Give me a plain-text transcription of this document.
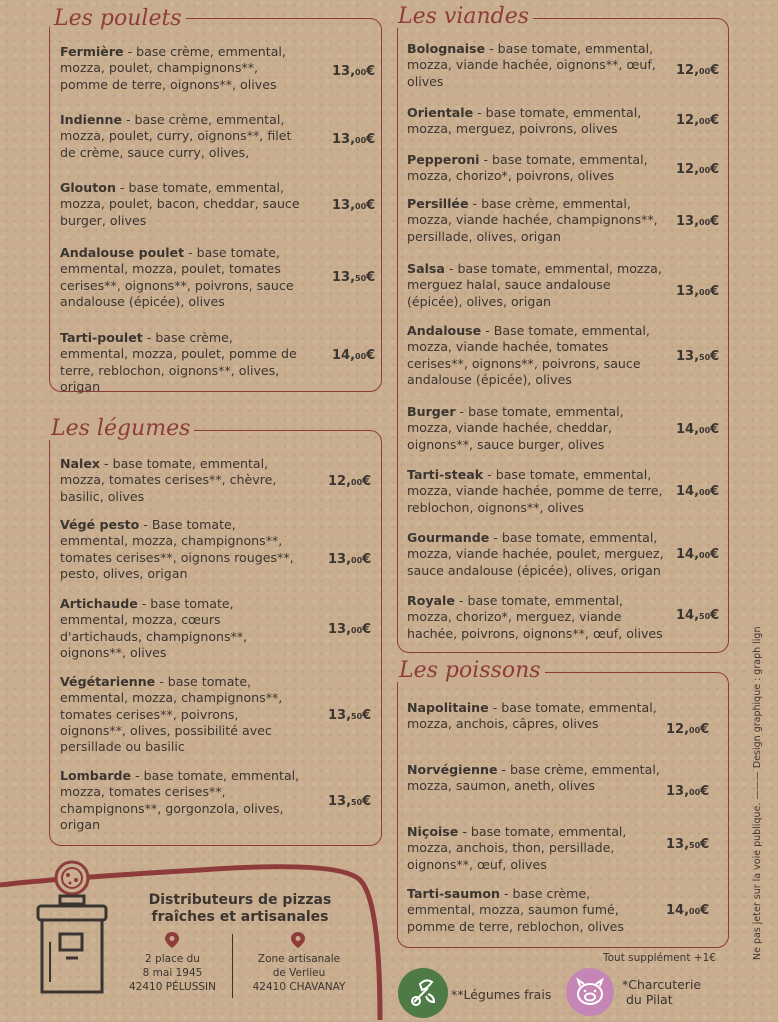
Les poulets
Les légumes
Les viandes
Les poissons
Fermière - base crème, emmental, mozza, poulet, champignons**, pomme de terre, oignons**, olives
13,00€
Indienne - base crème, emmental, mozza, poulet, curry, oignons**, filet de crème, sauce curry, olives,
13,00€
Glouton - base tomate, emmental, mozza, poulet, bacon, cheddar, sauce burger, olives
13,00€
Andalouse poulet - base tomate, emmental, mozza, poulet, tomates cerises**, oignons**, poivrons, sauce andalouse (épicée), olives
13,50€
Tarti-poulet - base crème, emmental, mozza, poulet, pomme de terre, reblochon, oignons**, olives, origan
14,00€
Nalex - base tomate, emmental, mozza, tomates cerises**, chèvre, basilic, olives
12,00€
Végé pesto - Base tomate, emmental, mozza, champignons**, tomates cerises**, oignons rouges**, pesto, olives, origan
13,00€
Artichaude - base tomate, emmental, mozza, cœurs d'artichauds, champignons**, oignons**, olives
13,00€
Végétarienne - base tomate, emmental, mozza, champignons**, tomates cerises**, poivrons, oignons**, olives, possibilité avec persillade ou basilic
13,50€
Lombarde - base tomate, emmental, mozza, tomates cerises**, champignons**, gorgonzola, olives, origan
13,50€
Bolognaise - base tomate, emmental, mozza, viande hachée, oignons**, œuf, olives
12,00€
Orientale - base tomate, emmental, mozza, merguez, poivrons, olives
12,00€
Pepperoni - base tomate, emmental, mozza, chorizo*, poivrons, olives	12,00€
Persillée - base crème, emmental, mozza, viande hachée, champignons**, persillade, olives, origan
13,00€
Salsa - base tomate, emmental, mozza, merguez halal, sauce andalouse (épicée), olives, origan
13,00€
Andalouse - Base tomate, emmental, mozza, viande hachée, tomates cerises**, oignons**, poivrons, sauce andalouse (épicée), olives
13,50€
Burger - base tomate, emmental, mozza, viande hachée, cheddar, oignons**, sauce burger, olives
14,00€
Tarti-steak - base tomate, emmental, mozza, viande hachée, pomme de terre, reblochon, oignons**, olives
14,00€
Gourmande - base tomate, emmental, mozza, viande hachée, poulet, merguez, sauce andalouse (épicée), olives, origan
14,00€
Royale - base tomate, emmental, mozza, chorizo*, merguez, viande hachée, poivrons, oignons**, œuf, olives
14,50€
Napolitaine - base tomate, emmental, mozza, anchois, câpres, olives	12,00€
Norvégienne - base crème, emmental, mozza, saumon, aneth, olives	13,00€
Niçoise - base tomate, emmental, mozza, anchois, thon, persillade, oignons**, œuf, olives
13,50€
Tarti-saumon - base crème, emmental, mozza, saumon fumé, pomme de terre, reblochon, olives
14,00€
Distributeurs de pizzas
fraîches et artisanales
2 place du
8 mai 1945
42410 PÉLUSSIN
Zone artisanale
de Verlieu
42410 CHAVANAY
Tout supplément +1€
**Légumes frais
*Charcuterie
du Pilat
Ne pas jeter sur la voie publique. ——— Design graphique : graph lign
